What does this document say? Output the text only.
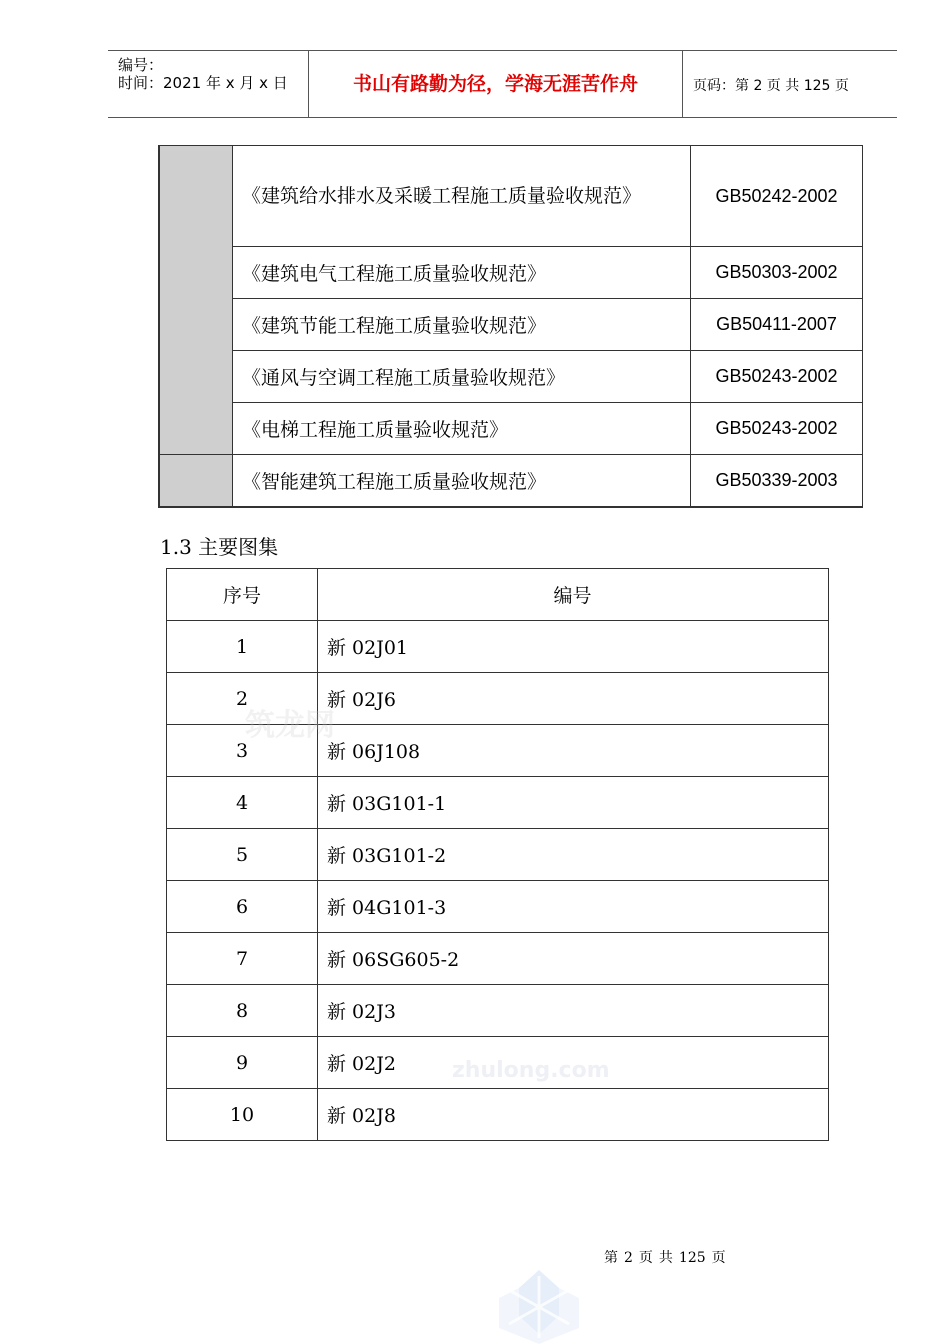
编号：
时间：2021 年 x 月 x 日	书山有路勤为径，学海无涯苦作舟	页码：第 2 页 共 125 页
	《建筑给水排水及采暖工程施工质量验收规范》	GB50242-2002
	《建筑电气工程施工质量验收规范》	GB50303-2002
	《建筑节能工程施工质量验收规范》	GB50411-2007
	《通风与空调工程施工质量验收规范》	GB50243-2002
	《电梯工程施工质量验收规范》	GB50243-2002
	《智能建筑工程施工质量验收规范》	GB50339-2003
1.3 主要图集
序号	编号
1	新 02J01
2	新 02J6
3	新 06J108
4	新 03G101-1
5	新 03G101-2
6	新 04G101-3
7	新 06SG605-2
8	新 02J3
9	新 02J2
10	新 02J8
筑龙网
zhulong.com
第 2 页 共 125 页
